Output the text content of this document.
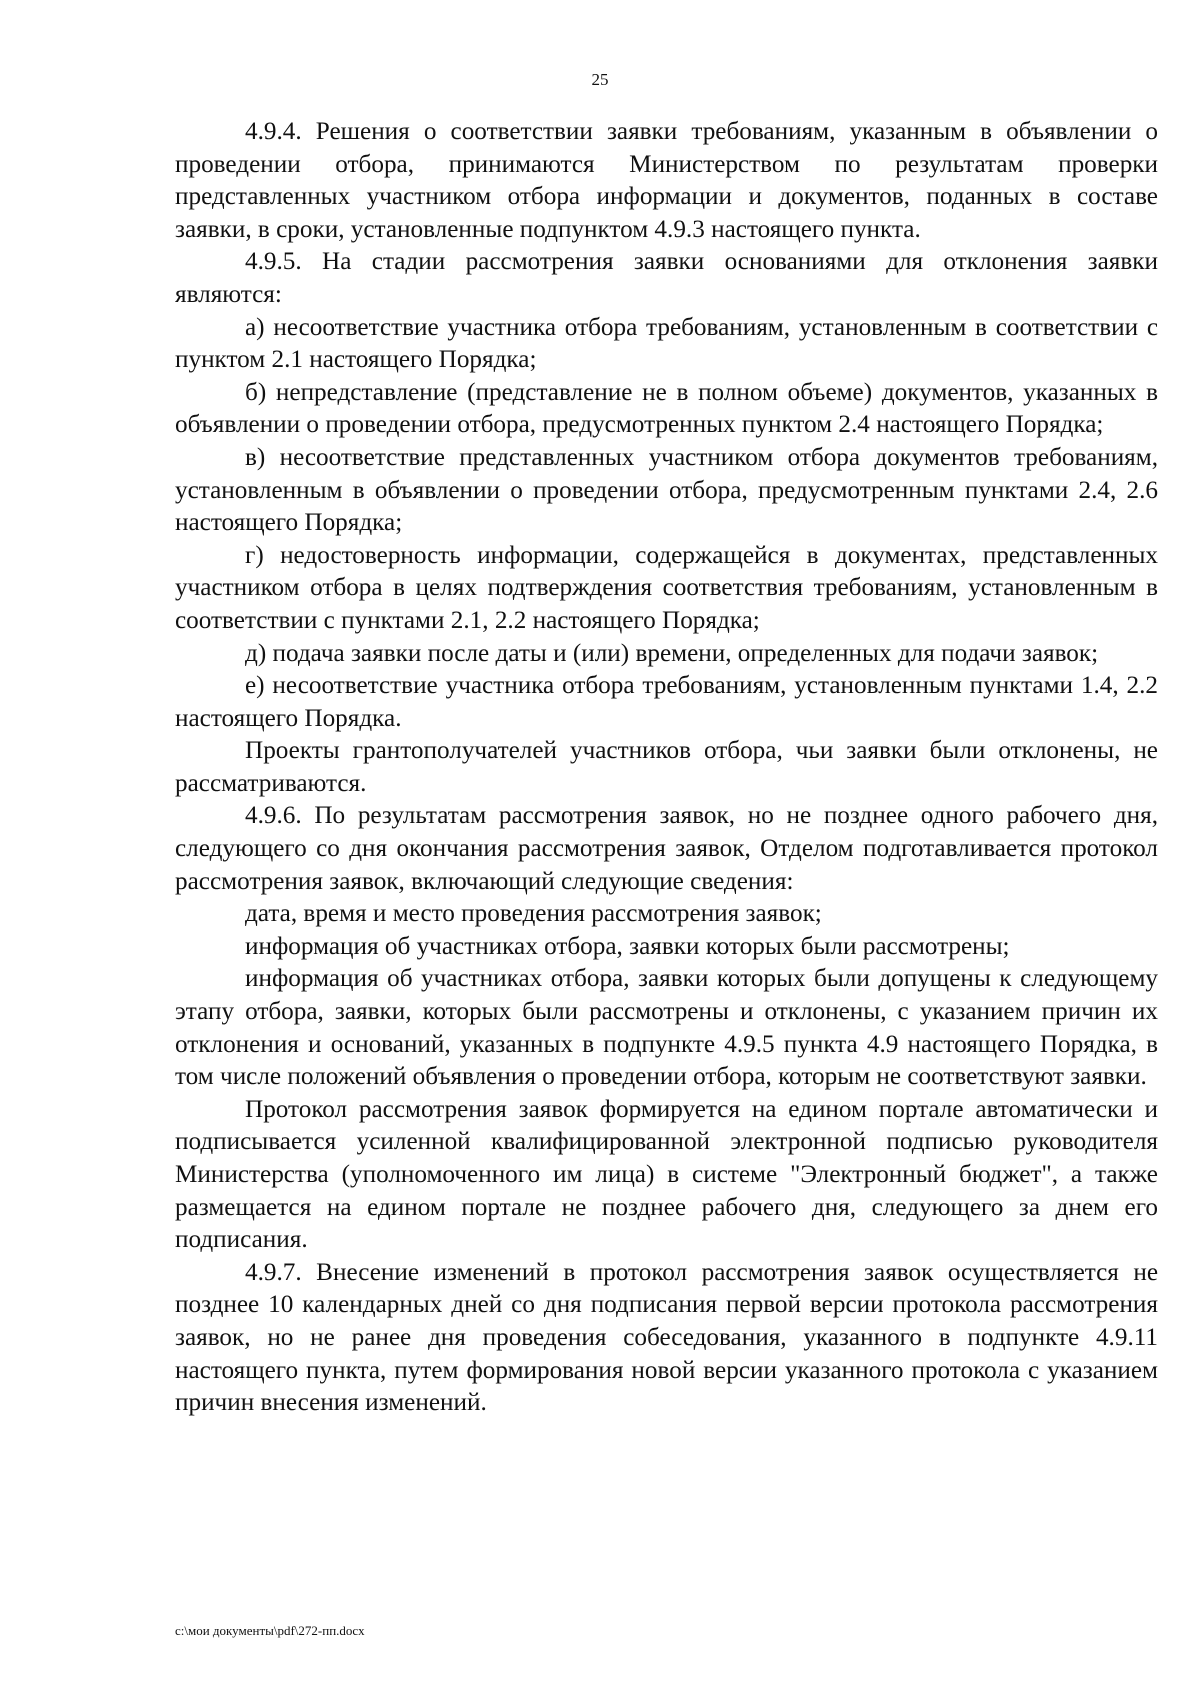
25

4.9.4. Решения о соответствии заявки требованиям, указанным в объявлении о проведении отбора, принимаются Министерством по результатам проверки представленных участником отбора информации и документов, поданных в составе заявки, в сроки, установленные подпунктом 4.9.3 настоящего пункта.

4.9.5. На стадии рассмотрения заявки основаниями для отклонения заявки являются:

а) несоответствие участника отбора требованиям, установленным в соответствии с пунктом 2.1 настоящего Порядка;

б) непредставление (представление не в полном объеме) документов, указанных в объявлении о проведении отбора, предусмотренных пунктом 2.4 настоящего Порядка;

в) несоответствие представленных участником отбора документов требованиям, установленным в объявлении о проведении отбора, предусмотренным пунктами 2.4, 2.6 настоящего Порядка;

г) недостоверность информации, содержащейся в документах, представленных участником отбора в целях подтверждения соответствия требованиям, установленным в соответствии с пунктами 2.1, 2.2 настоящего Порядка;

д) подача заявки после даты и (или) времени, определенных для подачи заявок;

е) несоответствие участника отбора требованиям, установленным пунктами 1.4, 2.2 настоящего Порядка.

Проекты грантополучателей участников отбора, чьи заявки были отклонены, не рассматриваются.

4.9.6. По результатам рассмотрения заявок, но не позднее одного рабочего дня, следующего со дня окончания рассмотрения заявок, Отделом подготавливается протокол рассмотрения заявок, включающий следующие сведения:

дата, время и место проведения рассмотрения заявок;

информация об участниках отбора, заявки которых были рассмотрены;

информация об участниках отбора, заявки которых были допущены к следующему этапу отбора, заявки, которых были рассмотрены и отклонены, с указанием причин их отклонения и оснований, указанных в подпункте 4.9.5 пункта 4.9 настоящего Порядка, в том числе положений объявления о проведении отбора, которым не соответствуют заявки.

Протокол рассмотрения заявок формируется на едином портале автоматически и подписывается усиленной квалифицированной электронной подписью руководителя Министерства (уполномоченного им лица) в системе "Электронный бюджет", а также размещается на едином портале не позднее рабочего дня, следующего за днем его подписания.

4.9.7. Внесение изменений в протокол рассмотрения заявок осуществляется не позднее 10 календарных дней со дня подписания первой версии протокола рассмотрения заявок, но не ранее дня проведения собеседования, указанного в подпункте 4.9.11 настоящего пункта, путем формирования новой версии указанного протокола с указанием причин внесения изменений.

c:\мои документы\pdf\272-пп.docx
